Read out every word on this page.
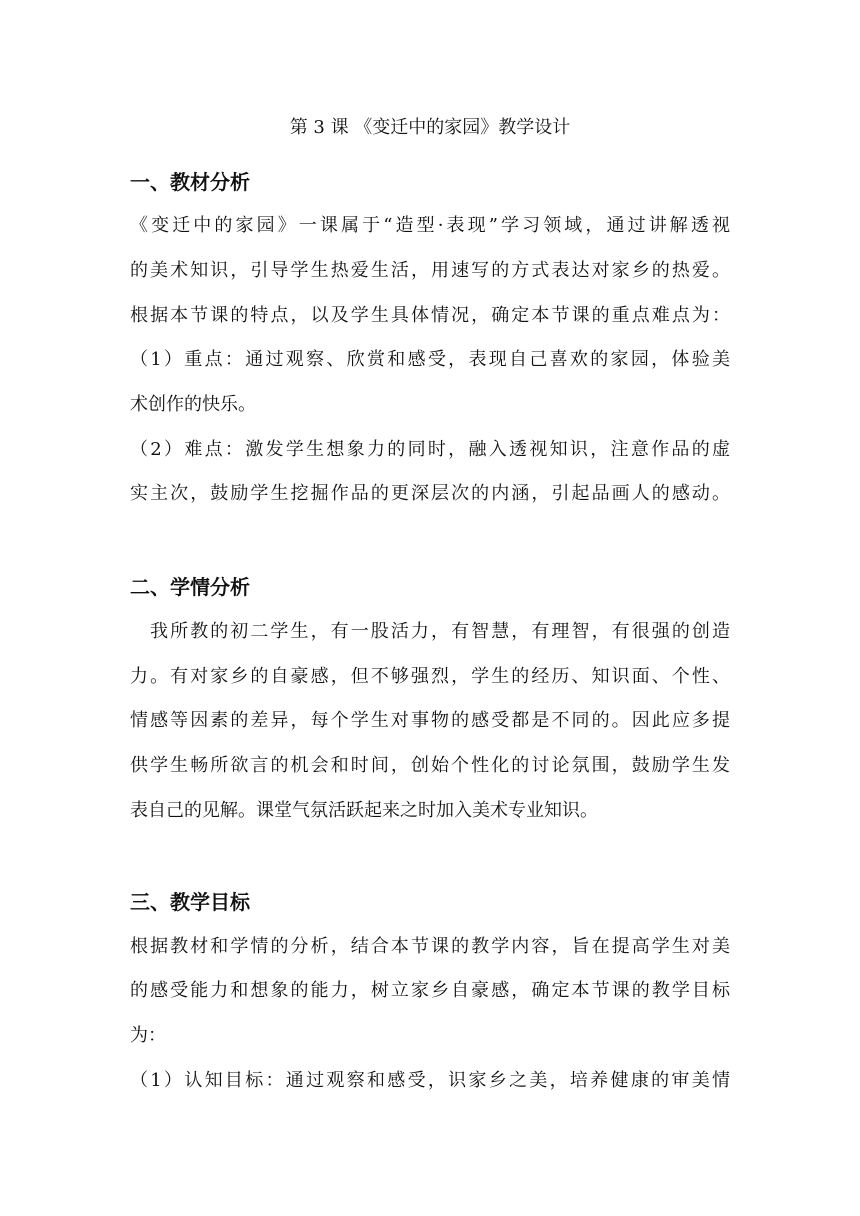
第 3 课 《变迁中的家园》教学设计
一、教材分析
《变迁中的家园》一课属于“造型·表现”学习领域，通过讲解透视
的美术知识，引导学生热爱生活，用速写的方式表达对家乡的热爱。
根据本节课的特点，以及学生具体情况，确定本节课的重点难点为：
（1）重点：通过观察、欣赏和感受，表现自己喜欢的家园，体验美
术创作的快乐。
（2）难点：激发学生想象力的同时，融入透视知识，注意作品的虚
实主次，鼓励学生挖掘作品的更深层次的内涵，引起品画人的感动。
二、学情分析
我所教的初二学生，有一股活力，有智慧，有理智，有很强的创造
力。有对家乡的自豪感，但不够强烈，学生的经历、知识面、个性、
情感等因素的差异，每个学生对事物的感受都是不同的。因此应多提
供学生畅所欲言的机会和时间，创始个性化的讨论氛围，鼓励学生发
表自己的见解。课堂气氛活跃起来之时加入美术专业知识。
三、教学目标
根据教材和学情的分析，结合本节课的教学内容，旨在提高学生对美
的感受能力和想象的能力，树立家乡自豪感，确定本节课的教学目标
为：
（1）认知目标：通过观察和感受，识家乡之美，培养健康的审美情
